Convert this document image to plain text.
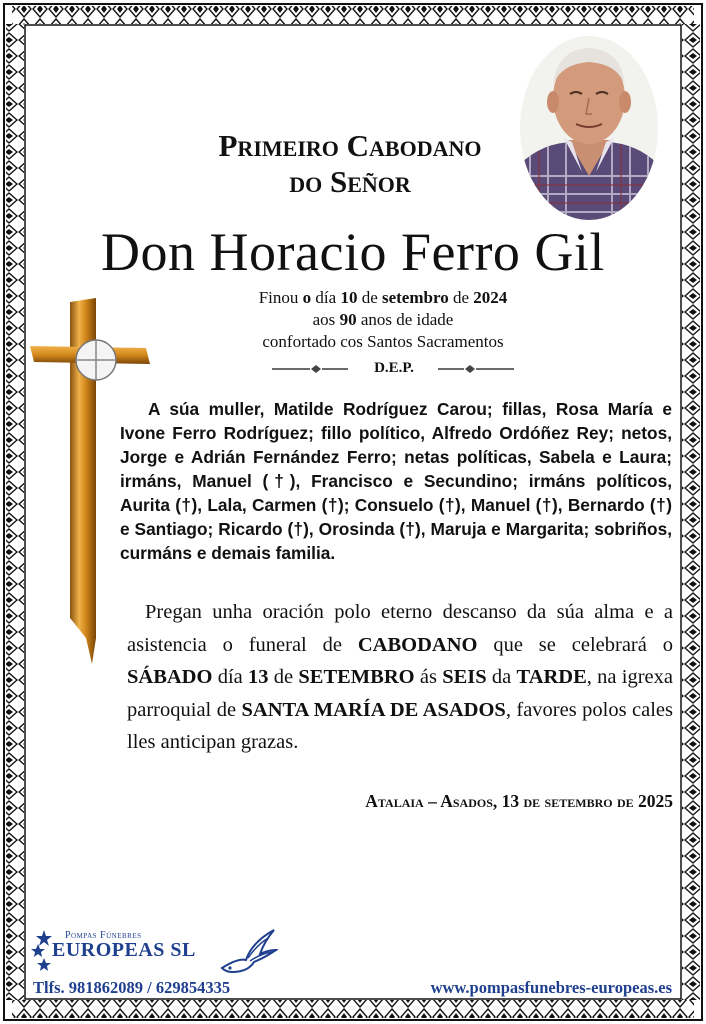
Primeiro Cabodano
do Señor
Don Horacio Ferro Gil
Finou o día 10 de setembro de 2024
aos 90 anos de idade
confortado cos Santos Sacramentos
D.E.P.
A súa muller, Matilde Rodríguez Carou; fillas, Rosa María e Ivone Ferro Rodríguez; fillo político, Alfredo Ordóñez Rey; netos, Jorge e Adrián Fernández Ferro; netas políticas, Sabela e Laura; irmáns, Manuel (†), Francisco e Secundino; irmáns políticos, Aurita (†), Lala, Carmen (†); Consuelo (†), Manuel (†), Bernardo (†) e Santiago; Ricardo (†), Orosinda (†), Maruja e Margarita; sobriños, curmáns e demais familia.
Pregan unha oración polo eterno descanso da súa alma e a asistencia o funeral de CABODANO que se celebrará o SÁBADO día 13 de SETEMBRO ás SEIS da TARDE, na igrexa parroquial de SANTA MARÍA DE ASADOS, favores polos cales lles anticipan grazas.
Atalaia – Asados, 13 de setembro de 2025
Pompas Fúnebres
EUROPEAS SL
Tlfs. 981862089 / 629854335	www.pompasfunebres-europeas.es
